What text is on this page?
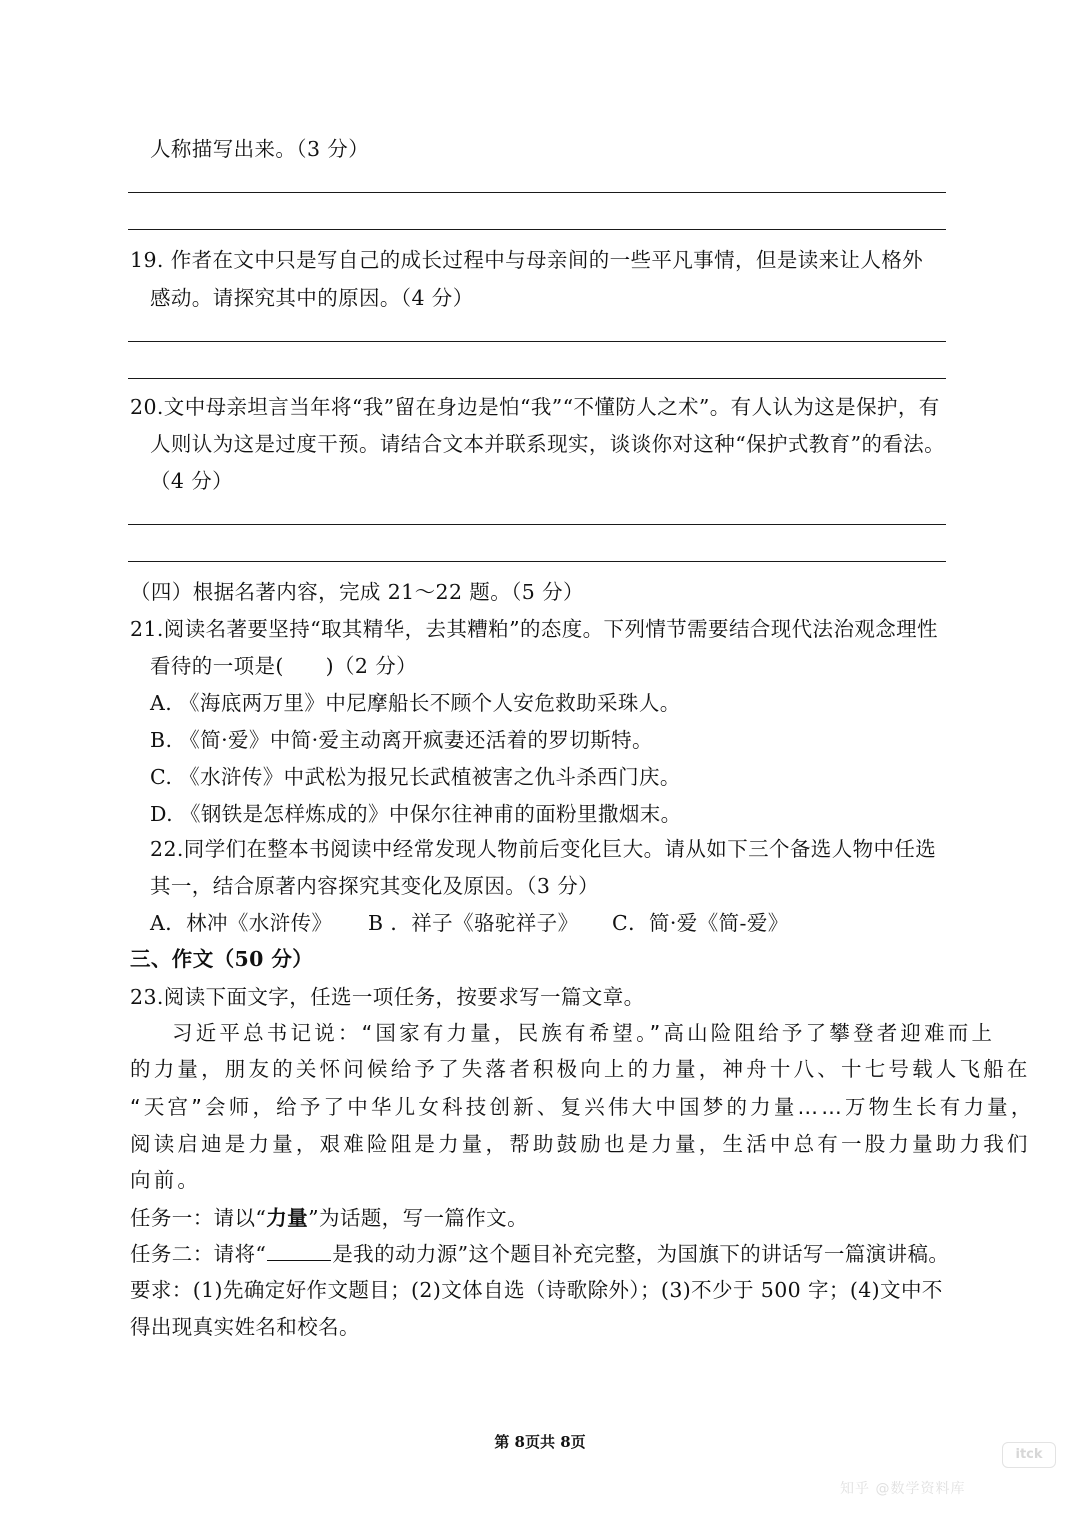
人称描写出来。（3 分）
19. 作者在文中只是写自己的成长过程中与母亲间的一些平凡事情，但是读来让人格外
感动。请探究其中的原因。（4 分）
20.文中母亲坦言当年将“我”留在身边是怕“我”“不懂防人之术”。有人认为这是保护，有
人则认为这是过度干预。请结合文本并联系现实，谈谈你对这种“保护式教育”的看法。
（4 分）
（四）根据名著内容，完成 21～22 题。（5 分）
21.阅读名著要坚持“取其精华，去其糟粕”的态度。下列情节需要结合现代法治观念理性
看待的一项是(　　)（2 分）
A. 《海底两万里》中尼摩船长不顾个人安危救助采珠人。
B. 《简·爱》中简·爱主动离开疯妻还活着的罗切斯特。
C. 《水浒传》中武松为报兄长武植被害之仇斗杀西门庆。
D. 《钢铁是怎样炼成的》中保尔往神甫的面粉里撒烟末。
22.同学们在整本书阅读中经常发现人物前后变化巨大。请从如下三个备选人物中任选
其一，结合原著内容探究其变化及原因。（3 分）
A．林冲《水浒传》 B ．祥子《骆驼祥子》 C．简·爱《简-爱》
三、作文（50 分）
23.阅读下面文字，任选一项任务，按要求写一篇文章。
习近平总书记说：“国家有力量，民族有希望。”高山险阻给予了攀登者迎难而上
的力量，朋友的关怀问候给予了失落者积极向上的力量，神舟十八、十七号载人飞船在
“天宫”会师，给予了中华儿女科技创新、复兴伟大中国梦的力量……万物生长有力量，
阅读启迪是力量，艰难险阻是力量，帮助鼓励也是力量，生活中总有一股力量助力我们
向前。
任务一：请以“力量”为话题，写一篇作文。
任务二：请将“	是我的动力源”这个题目补充完整，为国旗下的讲话写一篇演讲稿。
要求：(1)先确定好作文题目；(2)文体自选（诗歌除外）；(3)不少于 500 字；(4)文中不
得出现真实姓名和校名。
第 8页共 8页
itck
知乎 @数学资料库
